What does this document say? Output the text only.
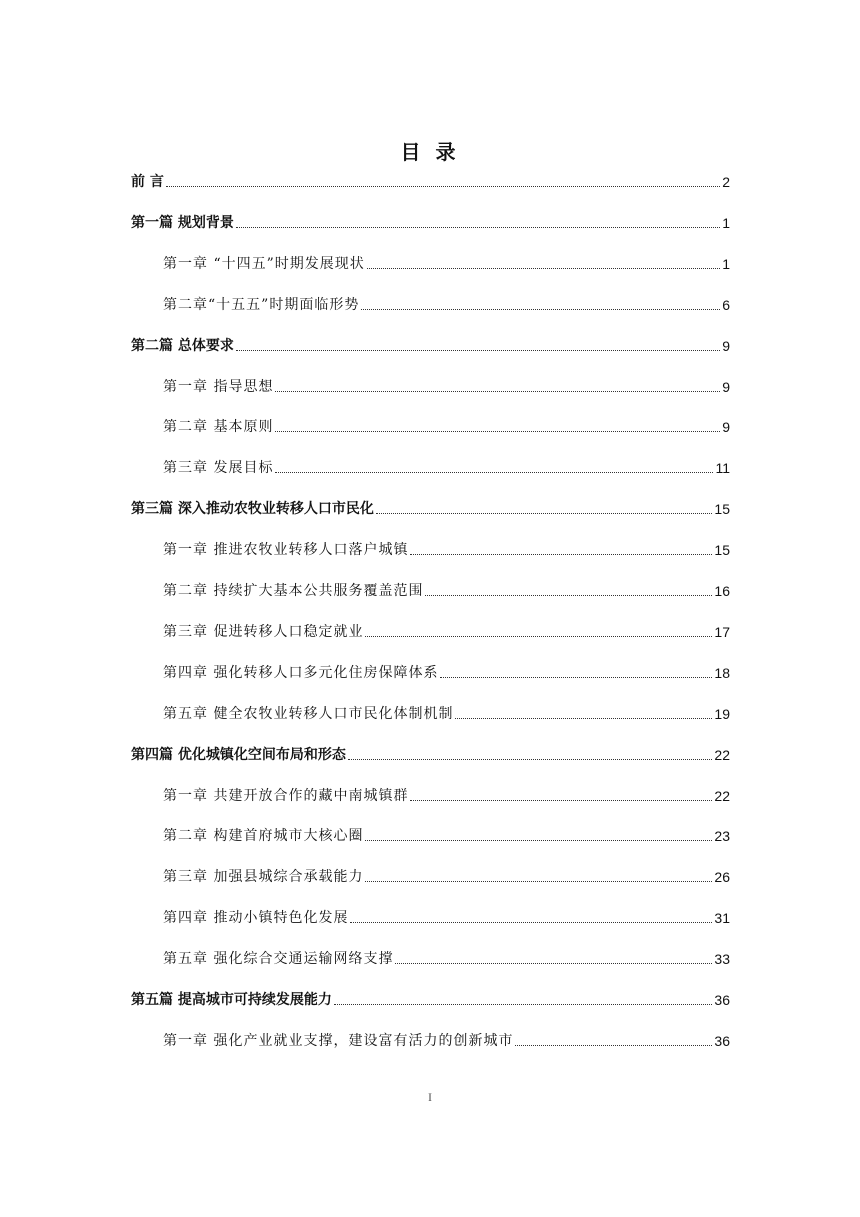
目 录
前 言	2
第一篇 规划背景	1
第一章 “十四五”时期发展现状	1
第二章“十五五”时期面临形势	6
第二篇 总体要求	9
第一章 指导思想	9
第二章 基本原则	9
第三章 发展目标	11
第三篇 深入推动农牧业转移人口市民化	15
第一章 推进农牧业转移人口落户城镇	15
第二章 持续扩大基本公共服务覆盖范围	16
第三章 促进转移人口稳定就业	17
第四章 强化转移人口多元化住房保障体系	18
第五章 健全农牧业转移人口市民化体制机制	19
第四篇 优化城镇化空间布局和形态	22
第一章 共建开放合作的藏中南城镇群	22
第二章 构建首府城市大核心圈	23
第三章 加强县城综合承载能力	26
第四章 推动小镇特色化发展	31
第五章 强化综合交通运输网络支撑	33
第五篇 提高城市可持续发展能力	36
第一章 强化产业就业支撑，建设富有活力的创新城市	36
I
